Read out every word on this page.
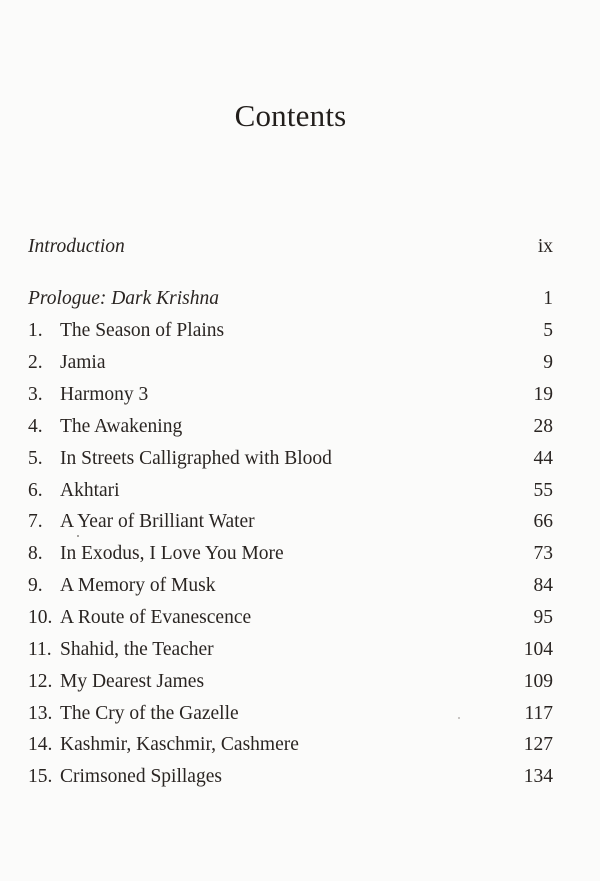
Contents
Introduction	ix
Prologue: Dark Krishna	1
1. The Season of Plains	5
2. Jamia	9
3. Harmony 3	19
4. The Awakening	28
5. In Streets Calligraphed with Blood	44
6. Akhtari	55
7. A Year of Brilliant Water	66
8. In Exodus, I Love You More	73
9. A Memory of Musk	84
10. A Route of Evanescence	95
11. Shahid, the Teacher	104
12. My Dearest James	109
13. The Cry of the Gazelle	117
14. Kashmir, Kaschmir, Cashmere	127
15. Crimsoned Spillages	134
